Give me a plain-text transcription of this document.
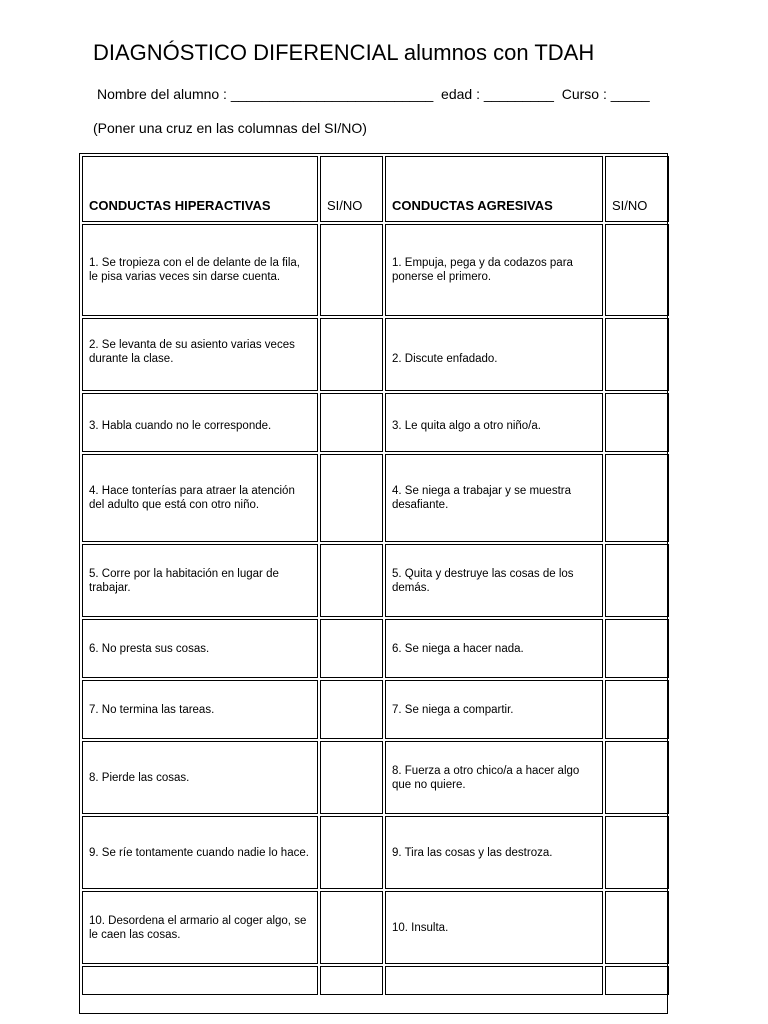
DIAGNÓSTICO DIFERENCIAL alumnos con TDAH
Nombre del alumno : __________________________  edad : _________  Curso : _____
(Poner una cruz en las columnas del SI/NO)
CONDUCTAS HIPERACTIVAS	SI/NO	CONDUCTAS AGRESIVAS	SI/NO
1. Se tropieza con el de delante de la fila, le pisa varias veces sin darse cuenta.		1. Empuja, pega y da codazos para ponerse el primero.	
2. Se levanta de su asiento varias veces durante la clase.		2. Discute enfadado.	
3. Habla cuando no le corresponde.		3. Le quita algo a otro niño/a.	
4. Hace tonterías para atraer la atención del adulto que está con otro niño.		4. Se niega a trabajar y se muestra desafiante.	
5. Corre por la habitación en lugar de trabajar.		5. Quita y destruye las cosas de los demás.	
6. No presta sus cosas.		6. Se niega a hacer nada.	
7. No termina las tareas.		7. Se niega a compartir.	
8. Pierde las cosas.		8. Fuerza a otro chico/a a hacer algo que no quiere.	
9. Se ríe tontamente cuando nadie lo hace.		9. Tira las cosas y las destroza.	
10. Desordena el armario al coger algo, se le caen las cosas.		10. Insulta.	
